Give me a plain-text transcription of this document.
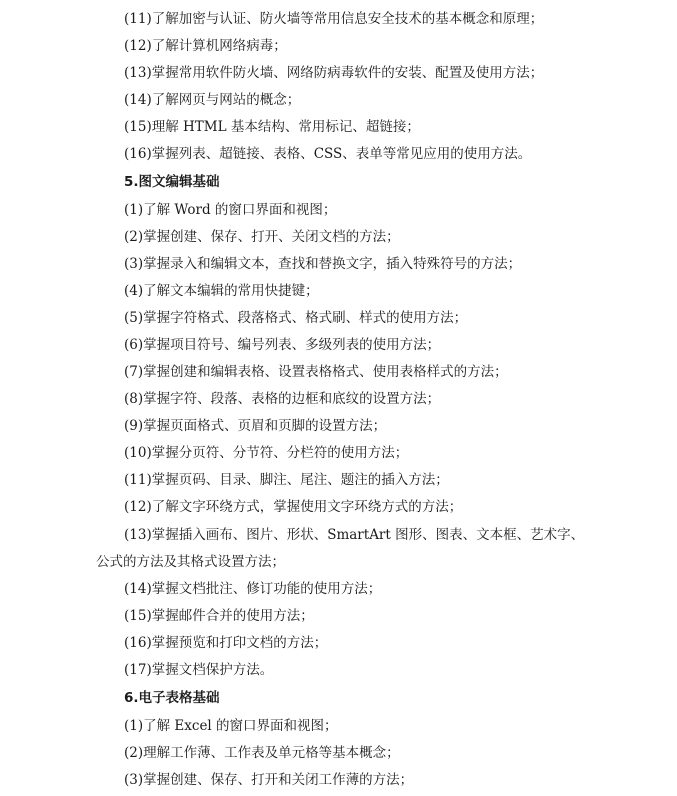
(11)了解加密与认证、防火墙等常用信息安全技术的基本概念和原理；
(12)了解计算机网络病毒；
(13)掌握常用软件防火墙、网络防病毒软件的安装、配置及使用方法；
(14)了解网页与网站的概念；
(15)理解 HTML 基本结构、常用标记、超链接；
(16)掌握列表、超链接、表格、CSS、表单等常见应用的使用方法。
5.图文编辑基础
(1)了解 Word 的窗口界面和视图；
(2)掌握创建、保存、打开、关闭文档的方法；
(3)掌握录入和编辑文本，查找和替换文字，插入特殊符号的方法；
(4)了解文本编辑的常用快捷键；
(5)掌握字符格式、段落格式、格式刷、样式的使用方法；
(6)掌握项目符号、编号列表、多级列表的使用方法；
(7)掌握创建和编辑表格、设置表格格式、使用表格样式的方法；
(8)掌握字符、段落、表格的边框和底纹的设置方法；
(9)掌握页面格式、页眉和页脚的设置方法；
(10)掌握分页符、分节符、分栏符的使用方法；
(11)掌握页码、目录、脚注、尾注、题注的插入方法；
(12)了解文字环绕方式，掌握使用文字环绕方式的方法；
(13)掌握插入画布、图片、形状、SmartArt 图形、图表、文本框、艺术字、
公式的方法及其格式设置方法；
(14)掌握文档批注、修订功能的使用方法；
(15)掌握邮件合并的使用方法；
(16)掌握预览和打印文档的方法；
(17)掌握文档保护方法。
6.电子表格基础
(1)了解 Excel 的窗口界面和视图；
(2)理解工作薄、工作表及单元格等基本概念；
(3)掌握创建、保存、打开和关闭工作薄的方法；
